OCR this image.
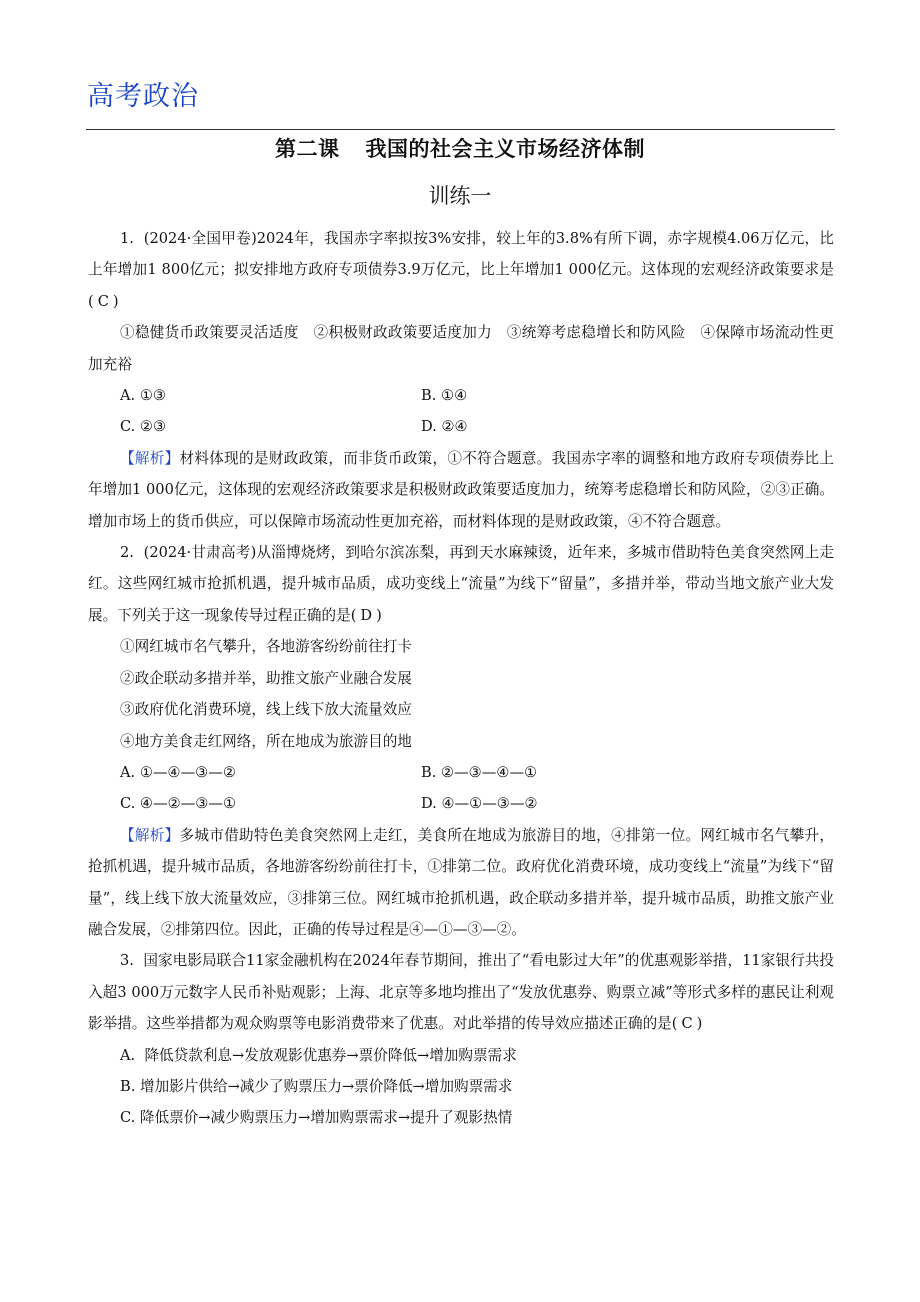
高考政治
第二课 我国的社会主义市场经济体制
训练一

1.  (2024·全国甲卷)2024年，我国赤字率拟按3%安排，较上年的3.8%有所下调，赤字规模4.06万亿元，比上年增加1 800亿元；拟安排地方政府专项债券3.9万亿元，比上年增加1 000亿元。这体现的宏观经济政策要求是( C )

①稳健货币政策要灵活适度　②积极财政政策要适度加力　③统筹考虑稳增长和防风险　④保障市场流动性更加充裕

A. ①③	B. ①④
C. ②③	D. ②④

【解析】材料体现的是财政政策，而非货币政策，①不符合题意。我国赤字率的调整和地方政府专项债券比上年增加1 000亿元，这体现的宏观经济政策要求是积极财政政策要适度加力，统筹考虑稳增长和防风险，②③正确。增加市场上的货币供应，可以保障市场流动性更加充裕，而材料体现的是财政政策，④不符合题意。

2.  (2024·甘肃高考)从淄博烧烤，到哈尔滨冻梨，再到天水麻辣烫，近年来，多城市借助特色美食突然网上走红。这些网红城市抢抓机遇，提升城市品质，成功变线上“流量”为线下“留量”，多措并举，带动当地文旅产业大发展。下列关于这一现象传导过程正确的是( D )

①网红城市名气攀升，各地游客纷纷前往打卡

②政企联动多措并举，助推文旅产业融合发展

③政府优化消费环境，线上线下放大流量效应

④地方美食走红网络，所在地成为旅游目的地

A. ①—④—③—②	B. ②—③—④—①
C. ④—②—③—①	D. ④—①—③—②

【解析】多城市借助特色美食突然网上走红，美食所在地成为旅游目的地，④排第一位。网红城市名气攀升，抢抓机遇，提升城市品质，各地游客纷纷前往打卡，①排第二位。政府优化消费环境，成功变线上“流量”为线下“留量”，线上线下放大流量效应，③排第三位。网红城市抢抓机遇，政企联动多措并举，提升城市品质，助推文旅产业融合发展，②排第四位。因此，正确的传导过程是④—①—③—②。

3.  国家电影局联合11家金融机构在2024年春节期间，推出了“看电影过大年”的优惠观影举措，11家银行共投入超3 000万元数字人民币补贴观影；上海、北京等多地均推出了“发放优惠券、购票立减”等形式多样的惠民让利观影举措。这些举措都为观众购票等电影消费带来了优惠。对此举措的传导效应描述正确的是( C )

A.  降低贷款利息→发放观影优惠券→票价降低→增加购票需求

B. 增加影片供给→减少了购票压力→票价降低→增加购票需求

C. 降低票价→减少购票压力→增加购票需求→提升了观影热情
